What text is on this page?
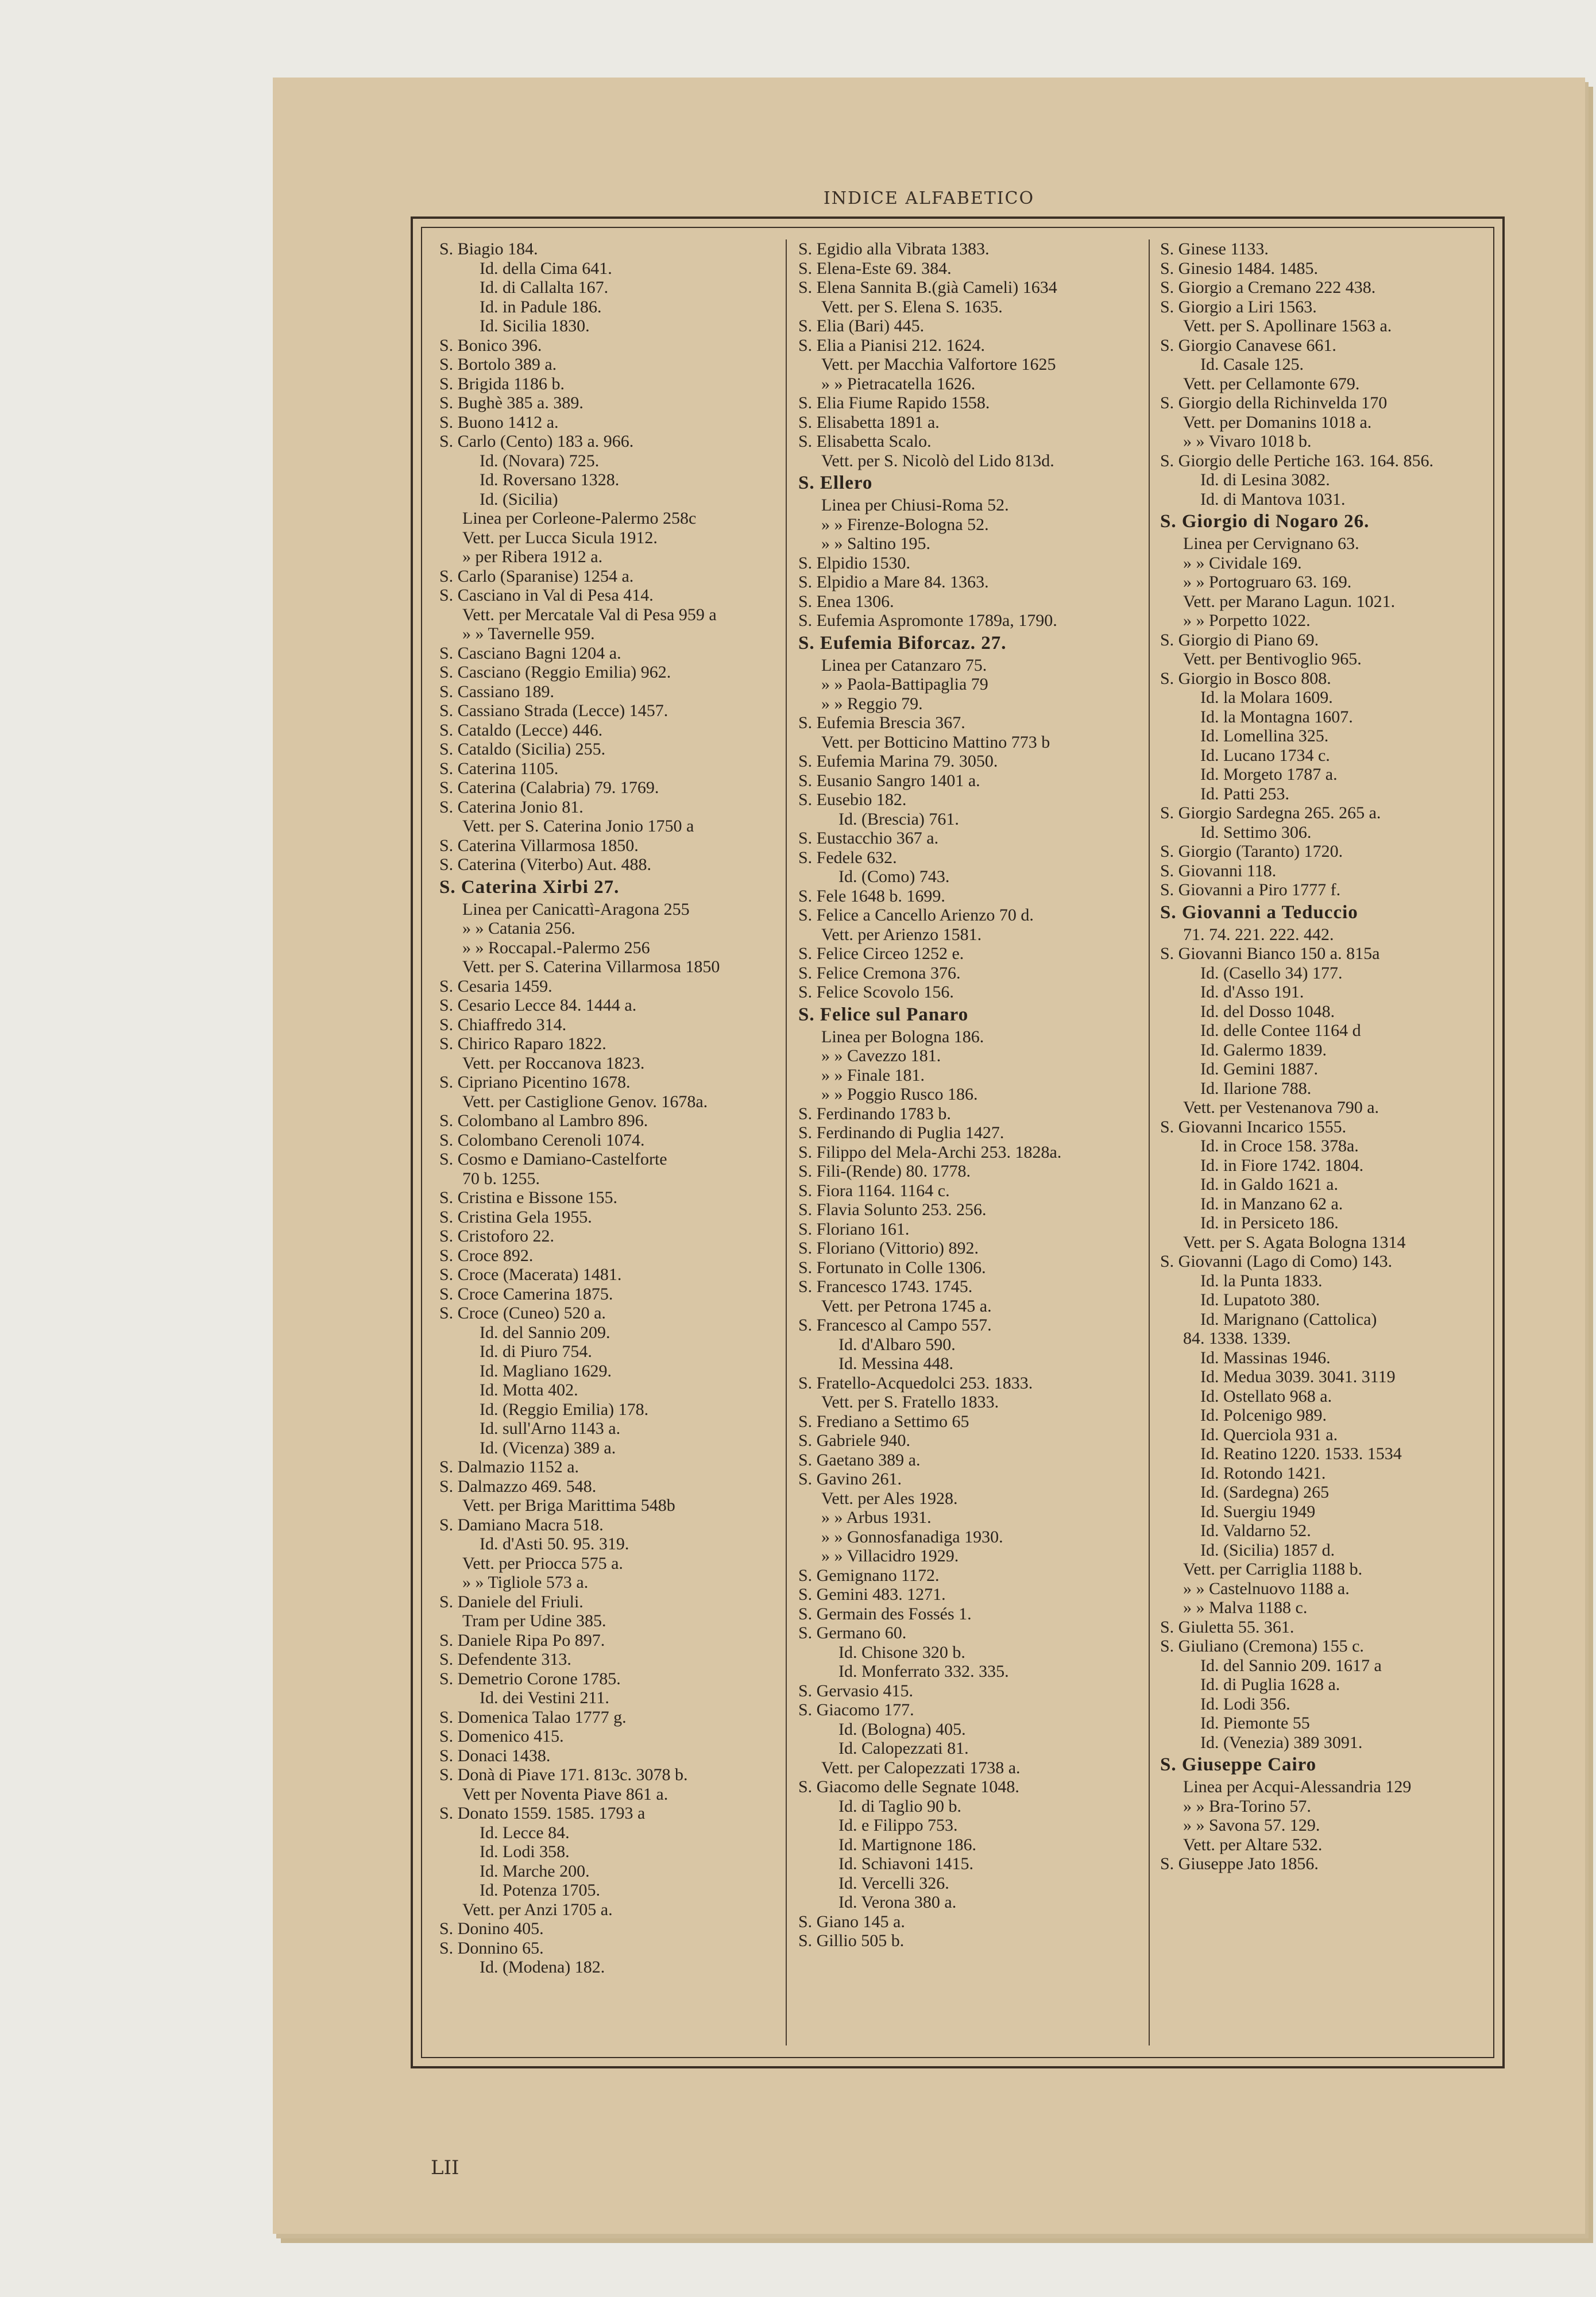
INDICE ALFABETICO
S. Biagio 184.
Id. della Cima 641.
Id. di Callalta 167.
Id. in Padule 186.
Id. Sicilia 1830.
S. Bonico 396.
S. Bortolo 389 a.
S. Brigida 1186 b.
S. Bughè 385 a. 389.
S. Buono 1412 a.
S. Carlo (Cento) 183 a. 966.
Id. (Novara) 725.
Id. Roversano 1328.
Id. (Sicilia)
Linea per Corleone-Palermo 258c
Vett. per Lucca Sicula 1912.
» per Ribera 1912 a.
S. Carlo (Sparanise) 1254 a.
S. Casciano in Val di Pesa 414.
Vett. per Mercatale Val di Pesa 959 a
» » Tavernelle 959.
S. Casciano Bagni 1204 a.
S. Casciano (Reggio Emilia) 962.
S. Cassiano 189.
S. Cassiano Strada (Lecce) 1457.
S. Cataldo (Lecce) 446.
S. Cataldo (Sicilia) 255.
S. Caterina 1105.
S. Caterina (Calabria) 79. 1769.
S. Caterina Jonio 81.
Vett. per S. Caterina Jonio 1750 a
S. Caterina Villarmosa 1850.
S. Caterina (Viterbo) Aut. 488.
S. Caterina Xirbi 27.
Linea per Canicattì-Aragona 255
» » Catania 256.
» » Roccapal.-Palermo 256
Vett. per S. Caterina Villarmosa 1850
S. Cesaria 1459.
S. Cesario Lecce 84. 1444 a.
S. Chiaffredo 314.
S. Chirico Raparo 1822.
Vett. per Roccanova 1823.
S. Cipriano Picentino 1678.
Vett. per Castiglione Genov. 1678a.
S. Colombano al Lambro 896.
S. Colombano Cerenoli 1074.
S. Cosmo e Damiano-Castelforte
70 b. 1255.
S. Cristina e Bissone 155.
S. Cristina Gela 1955.
S. Cristoforo 22.
S. Croce 892.
S. Croce (Macerata) 1481.
S. Croce Camerina 1875.
S. Croce (Cuneo) 520 a.
Id. del Sannio 209.
Id. di Piuro 754.
Id. Magliano 1629.
Id. Motta 402.
Id. (Reggio Emilia) 178.
Id. sull'Arno 1143 a.
Id. (Vicenza) 389 a.
S. Dalmazio 1152 a.
S. Dalmazzo 469. 548.
Vett. per Briga Marittima 548b
S. Damiano Macra 518.
Id. d'Asti 50. 95. 319.
Vett. per Priocca 575 a.
» » Tigliole 573 a.
S. Daniele del Friuli.
Tram per Udine 385.
S. Daniele Ripa Po 897.
S. Defendente 313.
S. Demetrio Corone 1785.
Id. dei Vestini 211.
S. Domenica Talao 1777 g.
S. Domenico 415.
S. Donaci 1438.
S. Donà di Piave 171. 813c. 3078 b.
Vett per Noventa Piave 861 a.
S. Donato 1559. 1585. 1793 a
Id. Lecce 84.
Id. Lodi 358.
Id. Marche 200.
Id. Potenza 1705.
Vett. per Anzi 1705 a.
S. Donino 405.
S. Donnino 65.
Id. (Modena) 182.
S. Egidio alla Vibrata 1383.
S. Elena-Este 69. 384.
S. Elena Sannita B.(già Cameli) 1634
Vett. per S. Elena S. 1635.
S. Elia (Bari) 445.
S. Elia a Pianisi 212. 1624.
Vett. per Macchia Valfortore 1625
» » Pietracatella 1626.
S. Elia Fiume Rapido 1558.
S. Elisabetta 1891 a.
S. Elisabetta Scalo.
Vett. per S. Nicolò del Lido 813d.
S. Ellero
Linea per Chiusi-Roma 52.
» » Firenze-Bologna 52.
» » Saltino 195.
S. Elpidio 1530.
S. Elpidio a Mare 84. 1363.
S. Enea 1306.
S. Eufemia Aspromonte 1789a, 1790.
S. Eufemia Biforcaz. 27.
Linea per Catanzaro 75.
» » Paola-Battipaglia 79
» » Reggio 79.
S. Eufemia Brescia 367.
Vett. per Botticino Mattino 773 b
S. Eufemia Marina 79. 3050.
S. Eusanio Sangro 1401 a.
S. Eusebio 182.
Id. (Brescia) 761.
S. Eustacchio 367 a.
S. Fedele 632.
Id. (Como) 743.
S. Fele 1648 b. 1699.
S. Felice a Cancello Arienzo 70 d.
Vett. per Arienzo 1581.
S. Felice Circeo 1252 e.
S. Felice Cremona 376.
S. Felice Scovolo 156.
S. Felice sul Panaro
Linea per Bologna 186.
» » Cavezzo 181.
» » Finale 181.
» » Poggio Rusco 186.
S. Ferdinando 1783 b.
S. Ferdinando di Puglia 1427.
S. Filippo del Mela-Archi 253. 1828a.
S. Fili-(Rende) 80. 1778.
S. Fiora 1164. 1164 c.
S. Flavia Solunto 253. 256.
S. Floriano 161.
S. Floriano (Vittorio) 892.
S. Fortunato in Colle 1306.
S. Francesco 1743. 1745.
Vett. per Petrona 1745 a.
S. Francesco al Campo 557.
Id. d'Albaro 590.
Id. Messina 448.
S. Fratello-Acquedolci 253. 1833.
Vett. per S. Fratello 1833.
S. Frediano a Settimo 65
S. Gabriele 940.
S. Gaetano 389 a.
S. Gavino 261.
Vett. per Ales 1928.
» » Arbus 1931.
» » Gonnosfanadiga 1930.
» » Villacidro 1929.
S. Gemignano 1172.
S. Gemini 483. 1271.
S. Germain des Fossés 1.
S. Germano 60.
Id. Chisone 320 b.
Id. Monferrato 332. 335.
S. Gervasio 415.
S. Giacomo 177.
Id. (Bologna) 405.
Id. Calopezzati 81.
Vett. per Calopezzati 1738 a.
S. Giacomo delle Segnate 1048.
Id. di Taglio 90 b.
Id. e Filippo 753.
Id. Martignone 186.
Id. Schiavoni 1415.
Id. Vercelli 326.
Id. Verona 380 a.
S. Giano 145 a.
S. Gillio 505 b.
S. Ginese 1133.
S. Ginesio 1484. 1485.
S. Giorgio a Cremano 222 438.
S. Giorgio a Liri 1563.
Vett. per S. Apollinare 1563 a.
S. Giorgio Canavese 661.
Id. Casale 125.
Vett. per Cellamonte 679.
S. Giorgio della Richinvelda 170
Vett. per Domanins 1018 a.
» » Vivaro 1018 b.
S. Giorgio delle Pertiche 163. 164. 856.
Id. di Lesina 3082.
Id. di Mantova 1031.
S. Giorgio di Nogaro 26.
Linea per Cervignano 63.
» » Cividale 169.
» » Portogruaro 63. 169.
Vett. per Marano Lagun. 1021.
» » Porpetto 1022.
S. Giorgio di Piano 69.
Vett. per Bentivoglio 965.
S. Giorgio in Bosco 808.
Id. la Molara 1609.
Id. la Montagna 1607.
Id. Lomellina 325.
Id. Lucano 1734 c.
Id. Morgeto 1787 a.
Id. Patti 253.
S. Giorgio Sardegna 265. 265 a.
Id. Settimo 306.
S. Giorgio (Taranto) 1720.
S. Giovanni 118.
S. Giovanni a Piro 1777 f.
S. Giovanni a Teduccio
71. 74. 221. 222. 442.
S. Giovanni Bianco 150 a. 815a
Id. (Casello 34) 177.
Id. d'Asso 191.
Id. del Dosso 1048.
Id. delle Contee 1164 d
Id. Galermo 1839.
Id. Gemini 1887.
Id. Ilarione 788.
Vett. per Vestenanova 790 a.
S. Giovanni Incarico 1555.
Id. in Croce 158. 378a.
Id. in Fiore 1742. 1804.
Id. in Galdo 1621 a.
Id. in Manzano 62 a.
Id. in Persiceto 186.
Vett. per S. Agata Bologna 1314
S. Giovanni (Lago di Como) 143.
Id. la Punta 1833.
Id. Lupatoto 380.
Id. Marignano (Cattolica)
84. 1338. 1339.
Id. Massinas 1946.
Id. Medua 3039. 3041. 3119
Id. Ostellato 968 a.
Id. Polcenigo 989.
Id. Querciola 931 a.
Id. Reatino 1220. 1533. 1534
Id. Rotondo 1421.
Id. (Sardegna) 265
Id. Suergiu 1949
Id. Valdarno 52.
Id. (Sicilia) 1857 d.
Vett. per Carriglia 1188 b.
» » Castelnuovo 1188 a.
» » Malva 1188 c.
S. Giuletta 55. 361.
S. Giuliano (Cremona) 155 c.
Id. del Sannio 209. 1617 a
Id. di Puglia 1628 a.
Id. Lodi 356.
Id. Piemonte 55
Id. (Venezia) 389 3091.
S. Giuseppe Cairo
Linea per Acqui-Alessandria 129
» » Bra-Torino 57.
» » Savona 57. 129.
Vett. per Altare 532.
S. Giuseppe Jato 1856.
LII
